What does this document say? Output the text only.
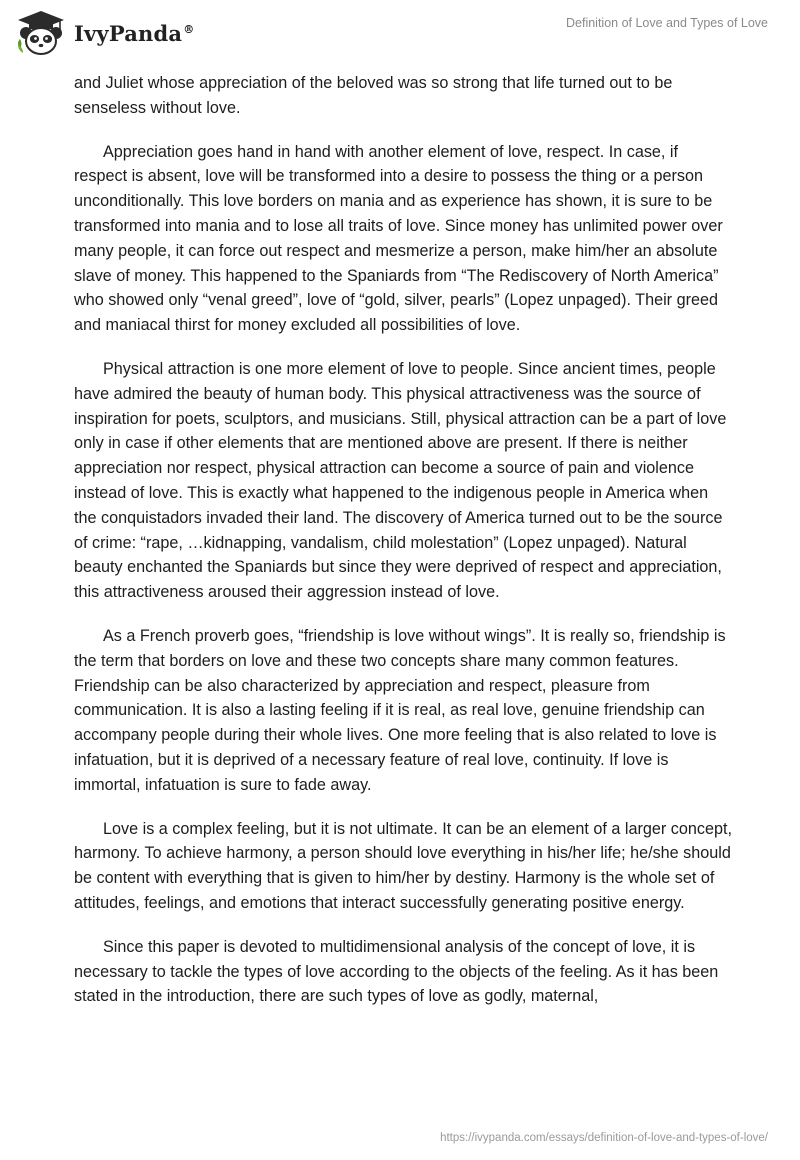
IvyPanda®	Definition of Love and Types of Love

and Juliet whose appreciation of the beloved was so strong that life turned out to be senseless without love.

Appreciation goes hand in hand with another element of love, respect. In case, if respect is absent, love will be transformed into a desire to possess the thing or a person unconditionally. This love borders on mania and as experience has shown, it is sure to be transformed into mania and to lose all traits of love. Since money has unlimited power over many people, it can force out respect and mesmerize a person, make him/her an absolute slave of money. This happened to the Spaniards from “The Rediscovery of North America” who showed only “venal greed”, love of “gold, silver, pearls” (Lopez unpaged). Their greed and maniacal thirst for money excluded all possibilities of love.

Physical attraction is one more element of love to people. Since ancient times, people have admired the beauty of human body. This physical attractiveness was the source of inspiration for poets, sculptors, and musicians. Still, physical attraction can be a part of love only in case if other elements that are mentioned above are present. If there is neither appreciation nor respect, physical attraction can become a source of pain and violence instead of love. This is exactly what happened to the indigenous people in America when the conquistadors invaded their land. The discovery of America turned out to be the source of crime: “rape, …kidnapping, vandalism, child molestation” (Lopez unpaged). Natural beauty enchanted the Spaniards but since they were deprived of respect and appreciation, this attractiveness aroused their aggression instead of love.

As a French proverb goes, “friendship is love without wings”. It is really so, friendship is the term that borders on love and these two concepts share many common features. Friendship can be also characterized by appreciation and respect, pleasure from communication. It is also a lasting feeling if it is real, as real love, genuine friendship can accompany people during their whole lives. One more feeling that is also related to love is infatuation, but it is deprived of a necessary feature of real love, continuity. If love is immortal, infatuation is sure to fade away.

Love is a complex feeling, but it is not ultimate. It can be an element of a larger concept, harmony. To achieve harmony, a person should love everything in his/her life; he/she should be content with everything that is given to him/her by destiny. Harmony is the whole set of attitudes, feelings, and emotions that interact successfully generating positive energy.

Since this paper is devoted to multidimensional analysis of the concept of love, it is necessary to tackle the types of love according to the objects of the feeling. As it has been stated in the introduction, there are such types of love as godly, maternal,

https://ivypanda.com/essays/definition-of-love-and-types-of-love/
